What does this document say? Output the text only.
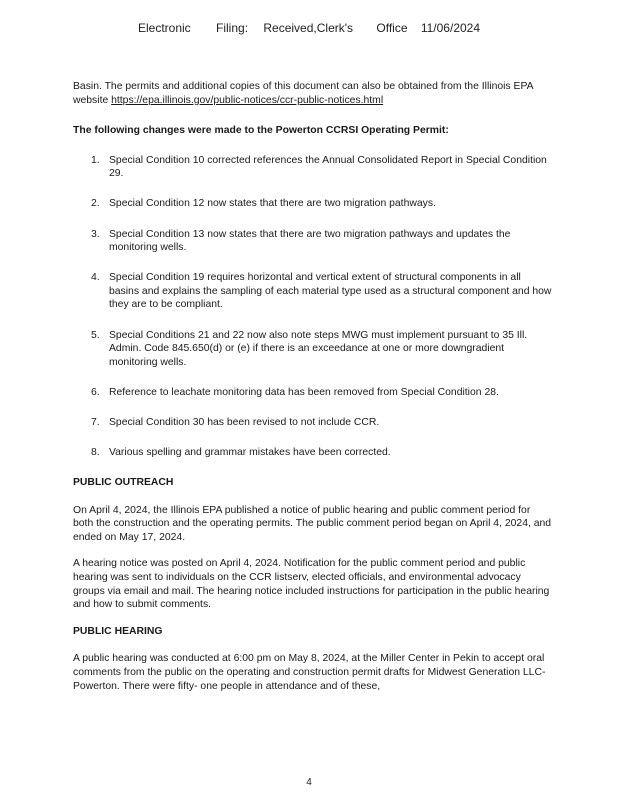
Electronic Filing: Received,Clerk's Office 11/06/2024

Basin. The permits and additional copies of this document can also be obtained from the Illinois EPA website https://epa.illinois.gov/public-notices/ccr-public-notices.html

The following changes were made to the Powerton CCRSI Operating Permit:

1. Special Condition 10 corrected references the Annual Consolidated Report in Special Condition 29.
2. Special Condition 12 now states that there are two migration pathways.
3. Special Condition 13 now states that there are two migration pathways and updates the monitoring wells.
4. Special Condition 19 requires horizontal and vertical extent of structural components in all basins and explains the sampling of each material type used as a structural component and how they are to be compliant.
5. Special Conditions 21 and 22 now also note steps MWG must implement pursuant to 35 Ill. Admin. Code 845.650(d) or (e) if there is an exceedance at one or more downgradient monitoring wells.
6. Reference to leachate monitoring data has been removed from Special Condition 28.
7. Special Condition 30 has been revised to not include CCR.
8. Various spelling and grammar mistakes have been corrected.

PUBLIC OUTREACH

On April 4, 2024, the Illinois EPA published a notice of public hearing and public comment period for both the construction and the operating permits. The public comment period began on April 4, 2024, and ended on May 17, 2024.

A hearing notice was posted on April 4, 2024. Notification for the public comment period and public hearing was sent to individuals on the CCR listserv, elected officials, and environmental advocacy groups via email and mail. The hearing notice included instructions for participation in the public hearing and how to submit comments.

PUBLIC HEARING

A public hearing was conducted at 6:00 pm on May 8, 2024, at the Miller Center in Pekin to accept oral comments from the public on the operating and construction permit drafts for Midwest Generation LLC-Powerton. There were fifty- one people in attendance and of these,

4
